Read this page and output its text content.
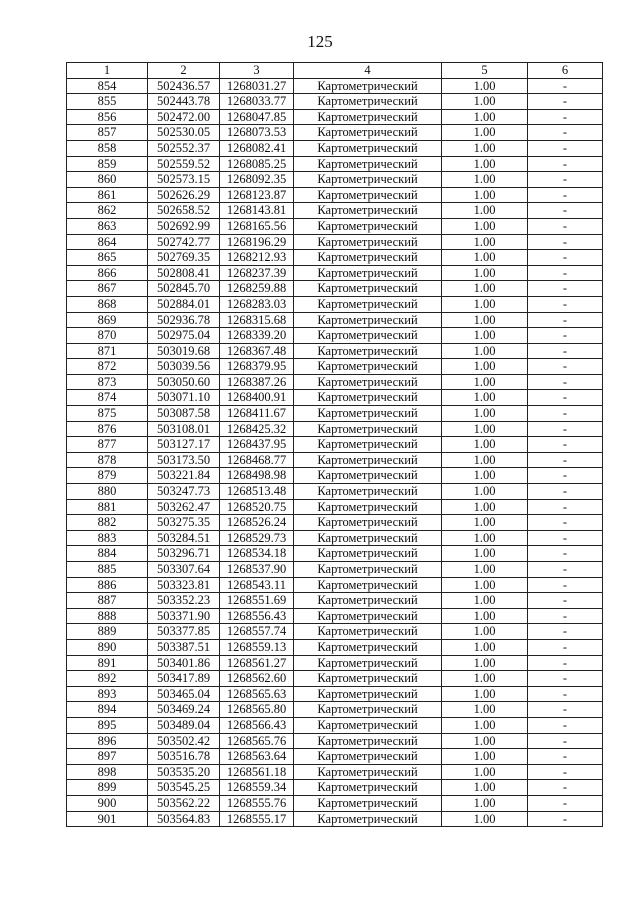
125
1	2	3	4	5	6
854	502436.57	1268031.27	Картометрический	1.00	-
855	502443.78	1268033.77	Картометрический	1.00	-
856	502472.00	1268047.85	Картометрический	1.00	-
857	502530.05	1268073.53	Картометрический	1.00	-
858	502552.37	1268082.41	Картометрический	1.00	-
859	502559.52	1268085.25	Картометрический	1.00	-
860	502573.15	1268092.35	Картометрический	1.00	-
861	502626.29	1268123.87	Картометрический	1.00	-
862	502658.52	1268143.81	Картометрический	1.00	-
863	502692.99	1268165.56	Картометрический	1.00	-
864	502742.77	1268196.29	Картометрический	1.00	-
865	502769.35	1268212.93	Картометрический	1.00	-
866	502808.41	1268237.39	Картометрический	1.00	-
867	502845.70	1268259.88	Картометрический	1.00	-
868	502884.01	1268283.03	Картометрический	1.00	-
869	502936.78	1268315.68	Картометрический	1.00	-
870	502975.04	1268339.20	Картометрический	1.00	-
871	503019.68	1268367.48	Картометрический	1.00	-
872	503039.56	1268379.95	Картометрический	1.00	-
873	503050.60	1268387.26	Картометрический	1.00	-
874	503071.10	1268400.91	Картометрический	1.00	-
875	503087.58	1268411.67	Картометрический	1.00	-
876	503108.01	1268425.32	Картометрический	1.00	-
877	503127.17	1268437.95	Картометрический	1.00	-
878	503173.50	1268468.77	Картометрический	1.00	-
879	503221.84	1268498.98	Картометрический	1.00	-
880	503247.73	1268513.48	Картометрический	1.00	-
881	503262.47	1268520.75	Картометрический	1.00	-
882	503275.35	1268526.24	Картометрический	1.00	-
883	503284.51	1268529.73	Картометрический	1.00	-
884	503296.71	1268534.18	Картометрический	1.00	-
885	503307.64	1268537.90	Картометрический	1.00	-
886	503323.81	1268543.11	Картометрический	1.00	-
887	503352.23	1268551.69	Картометрический	1.00	-
888	503371.90	1268556.43	Картометрический	1.00	-
889	503377.85	1268557.74	Картометрический	1.00	-
890	503387.51	1268559.13	Картометрический	1.00	-
891	503401.86	1268561.27	Картометрический	1.00	-
892	503417.89	1268562.60	Картометрический	1.00	-
893	503465.04	1268565.63	Картометрический	1.00	-
894	503469.24	1268565.80	Картометрический	1.00	-
895	503489.04	1268566.43	Картометрический	1.00	-
896	503502.42	1268565.76	Картометрический	1.00	-
897	503516.78	1268563.64	Картометрический	1.00	-
898	503535.20	1268561.18	Картометрический	1.00	-
899	503545.25	1268559.34	Картометрический	1.00	-
900	503562.22	1268555.76	Картометрический	1.00	-
901	503564.83	1268555.17	Картометрический	1.00	-
